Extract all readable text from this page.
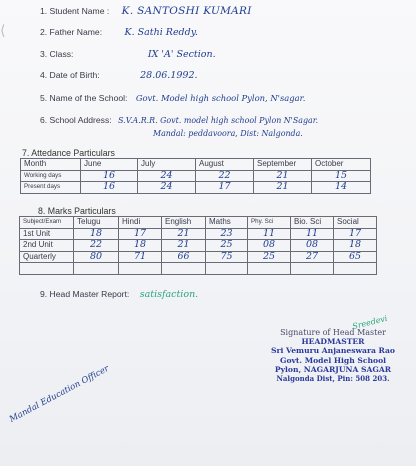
⟨
1. Student Name : K. SANTOSHI KUMARI
2. Father Name: K. Sathi Reddy.
3. Class:	IX 'A' Section.
4. Date of Birth:	28.06.1992.
5. Name of the School: Govt. Model high school Pylon, N'sagar.
6. School Address: S.V.A.R.R. Govt. model high school Pylon N'Sagar.
Mandal: peddavoora, Dist: Nalgonda.
7. Attedance Particulars
Month	June	July	August	September	October
Working days	16	24	22	21	15
Present days	16	24	17	21	14
8. Marks Particulars
Subject/Exam	Telugu	Hindi	English	Maths	Phy. Sci	Bio. Sci	Social
1st Unit	18	17	21	23	11	11	17
2nd Unit	22	18	21	25	08	08	18
Quarterly	80	71	66	75	25	27	65

9. Head Master Report: satisfaction.
Sreedevi
Signature of Head Master
HEADMASTER
Sri Vemuru Anjaneswara Rao
Govt. Model High School
Pylon, NAGARJUNA SAGAR
Nalgonda Dist, Pin: 508 203.
Mandal Education Officer
